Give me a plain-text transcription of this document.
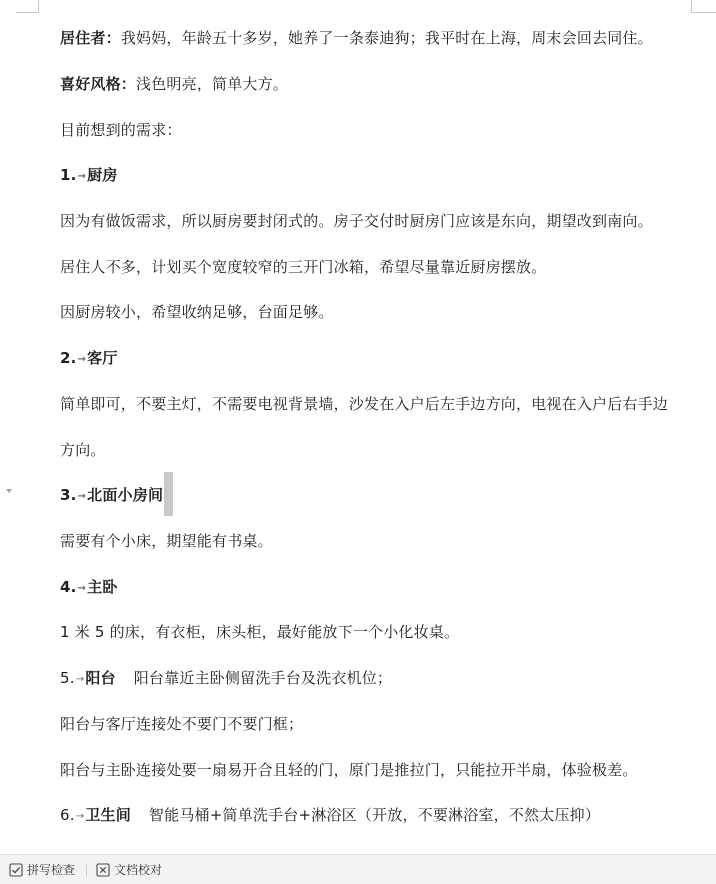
居住者：我妈妈，年龄五十多岁，她养了一条泰迪狗；我平时在上海，周末会回去同住。
喜好风格：浅色明亮，简单大方。
目前想到的需求：
1.→厨房
因为有做饭需求，所以厨房要封闭式的。房子交付时厨房门应该是东向，期望改到南向。
居住人不多，计划买个宽度较窄的三开门冰箱，希望尽量靠近厨房摆放。
因厨房较小，希望收纳足够，台面足够。
2.→客厅
简单即可，不要主灯，不需要电视背景墙，沙发在入户后左手边方向，电视在入户后右手边
方向。
3.→北面小房间
需要有个小床，期望能有书桌。
4.→主卧
1 米 5 的床，有衣柜，床头柜，最好能放下一个小化妆桌。
5.→阳台 阳台靠近主卧侧留洗手台及洗衣机位；
阳台与客厅连接处不要门不要门框；
阳台与主卧连接处要一扇易开合且轻的门，原门是推拉门，只能拉开半扇，体验极差。
6.→卫生间 智能马桶+简单洗手台+淋浴区（开放，不要淋浴室，不然太压抑）
拼写检查	文档校对
